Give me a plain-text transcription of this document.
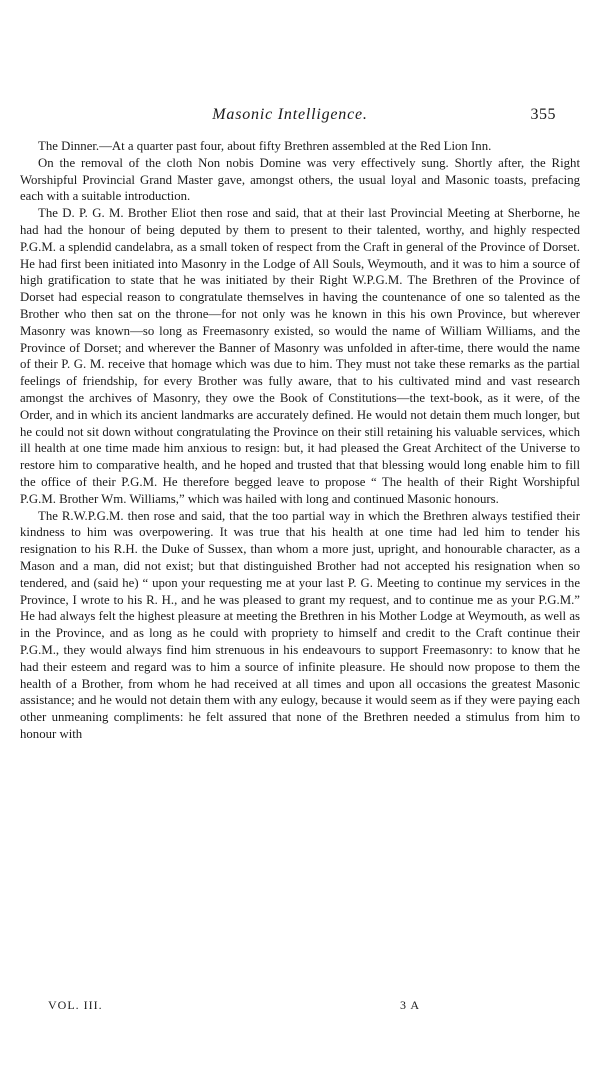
Masonic Intelligence.	355

The Dinner.—At a quarter past four, about fifty Brethren assembled at the Red Lion Inn.

On the removal of the cloth Non nobis Domine was very effectively sung. Shortly after, the Right Worshipful Provincial Grand Master gave, amongst others, the usual loyal and Masonic toasts, prefacing each with a suitable introduction.

The D. P. G. M. Brother Eliot then rose and said, that at their last Provincial Meeting at Sherborne, he had had the honour of being deputed by them to present to their talented, worthy, and highly respected P.G.M. a splendid candelabra, as a small token of respect from the Craft in general of the Province of Dorset. He had first been initiated into Masonry in the Lodge of All Souls, Weymouth, and it was to him a source of high gratification to state that he was initiated by their Right W.P.G.M. The Brethren of the Province of Dorset had especial reason to congratulate themselves in having the countenance of one so talented as the Brother who then sat on the throne—for not only was he known in this his own Province, but wherever Masonry was known—so long as Freemasonry existed, so would the name of William Williams, and the Province of Dorset; and wherever the Banner of Masonry was unfolded in after-time, there would the name of their P. G. M. receive that homage which was due to him. They must not take these remarks as the partial feelings of friendship, for every Brother was fully aware, that to his cultivated mind and vast research amongst the archives of Masonry, they owe the Book of Constitutions—the text-book, as it were, of the Order, and in which its ancient landmarks are accurately defined. He would not detain them much longer, but he could not sit down without congratulating the Province on their still retaining his valuable services, which ill health at one time made him anxious to resign: but, it had pleased the Great Architect of the Universe to restore him to comparative health, and he hoped and trusted that that blessing would long enable him to fill the office of their P.G.M. He therefore begged leave to propose “ The health of their Right Worshipful P.G.M. Brother Wm. Williams,” which was hailed with long and continued Masonic honours.

The R.W.P.G.M. then rose and said, that the too partial way in which the Brethren always testified their kindness to him was overpowering. It was true that his health at one time had led him to tender his resignation to his R.H. the Duke of Sussex, than whom a more just, upright, and honourable character, as a Mason and a man, did not exist; but that distinguished Brother had not accepted his resignation when so tendered, and (said he) “ upon your requesting me at your last P. G. Meeting to continue my services in the Province, I wrote to his R. H., and he was pleased to grant my request, and to continue me as your P.G.M.” He had always felt the highest pleasure at meeting the Brethren in his Mother Lodge at Weymouth, as well as in the Province, and as long as he could with propriety to himself and credit to the Craft continue their P.G.M., they would always find him strenuous in his endeavours to support Freemasonry: to know that he had their esteem and regard was to him a source of infinite pleasure. He should now propose to them the health of a Brother, from whom he had received at all times and upon all occasions the greatest Masonic assistance; and he would not detain them with any eulogy, because it would seem as if they were paying each other unmeaning compliments: he felt assured that none of the Brethren needed a stimulus from him to honour with

VOL. III.	3 A
